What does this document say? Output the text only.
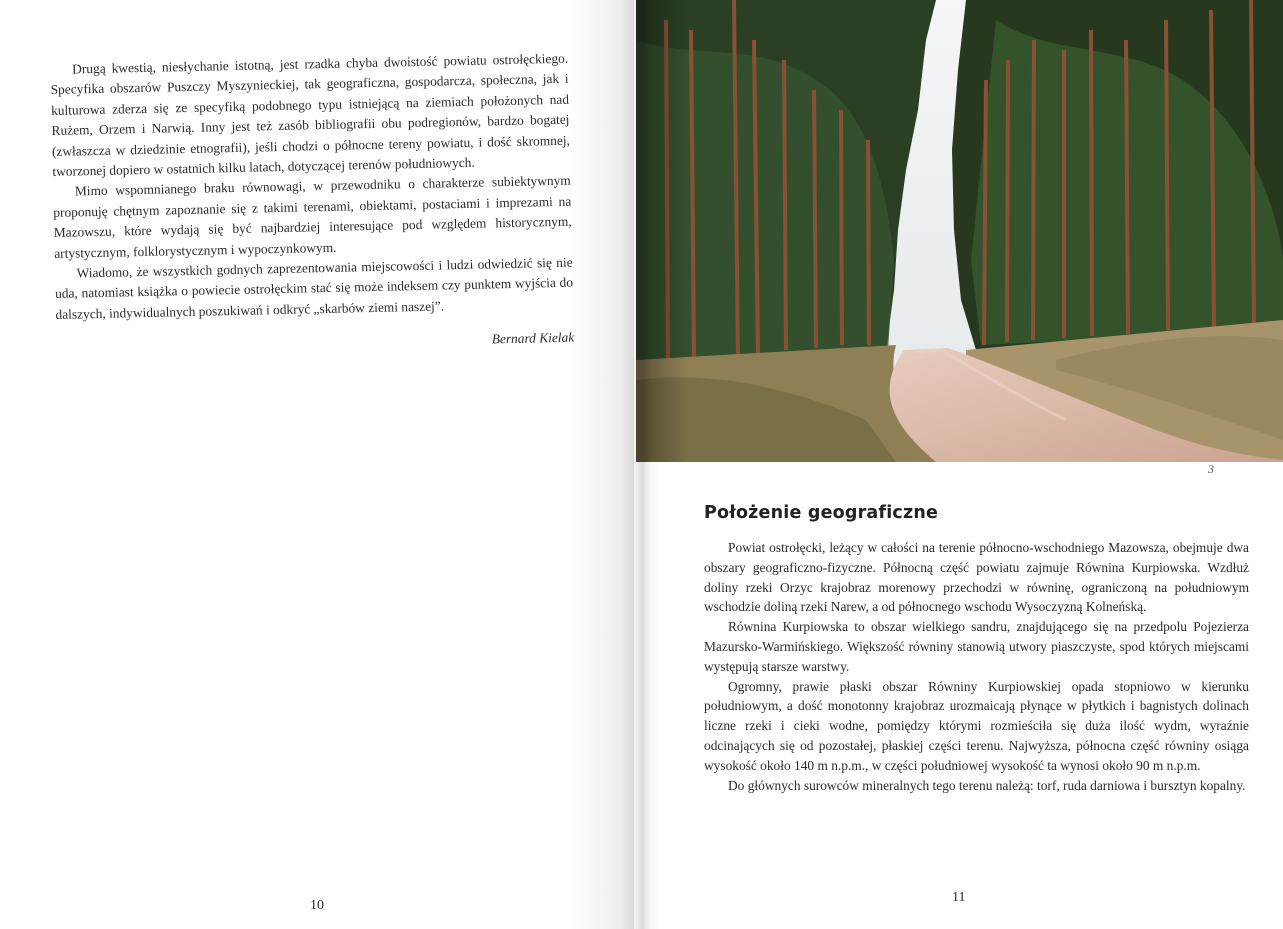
Drugą kwestią, niesłychanie istotną, jest rzadka chyba dwoistość powiatu ostrołęckiego. Specyfika obszarów Puszczy Myszynieckiej, tak geograficzna, gospodarcza, społeczna, jak i kulturowa zderza się ze specyfiką podobnego typu istniejącą na ziemiach położonych nad Rużem, Orzem i Narwią. Inny jest też zasób bibliografii obu podregionów, bardzo bogatej (zwłaszcza w dziedzinie etnografii), jeśli chodzi o północne tereny powiatu, i dość skromnej, tworzonej dopiero w ostatnich kilku latach, dotyczącej terenów południowych.

Mimo wspomnianego braku równowagi, w przewodniku o charakterze subiektywnym proponuję chętnym zapoznanie się z takimi terenami, obiektami, postaciami i imprezami na Mazowszu, które wydają się być najbardziej interesujące pod względem historycznym, artystycznym, folklorystycznym i wypoczynkowym.

Wiadomo, że wszystkich godnych zaprezentowania miejscowości i ludzi odwiedzić się nie uda, natomiast książka o powiecie ostrołęckim stać się może indeksem czy punktem wyjścia do dalszych, indywidualnych poszukiwań i odkryć „skarbów ziemi naszej”.

Bernard Kielak
10
3
Położenie geograficzne

Powiat ostrołęcki, leżący w całości na terenie północno-wschodniego Mazowsza, obejmuje dwa obszary geograficzno-fizyczne. Północną część powiatu zajmuje Równina Kurpiowska. Wzdłuż doliny rzeki Orzyc krajobraz morenowy przechodzi w równinę, ograniczoną na południowym wschodzie doliną rzeki Narew, a od północnego wschodu Wysoczyzną Kolneńską.

Równina Kurpiowska to obszar wielkiego sandru, znajdującego się na przedpolu Pojezierza Mazursko-Warmińskiego. Większość równiny stanowią utwory piaszczyste, spod których miejscami występują starsze warstwy.

Ogromny, prawie płaski obszar Równiny Kurpiowskiej opada stopniowo w kierunku południowym, a dość monotonny krajobraz urozmaicają płynące w płytkich i bagnistych dolinach liczne rzeki i cieki wodne, pomiędzy którymi rozmieściła się duża ilość wydm, wyraźnie odcinających się od pozostałej, płaskiej części terenu. Najwyższa, północna część równiny osiąga wysokość około 140 m n.p.m., w części południowej wysokość ta wynosi około 90 m n.p.m.

Do głównych surowców mineralnych tego terenu należą: torf, ruda darniowa i bursztyn kopalny.

11
